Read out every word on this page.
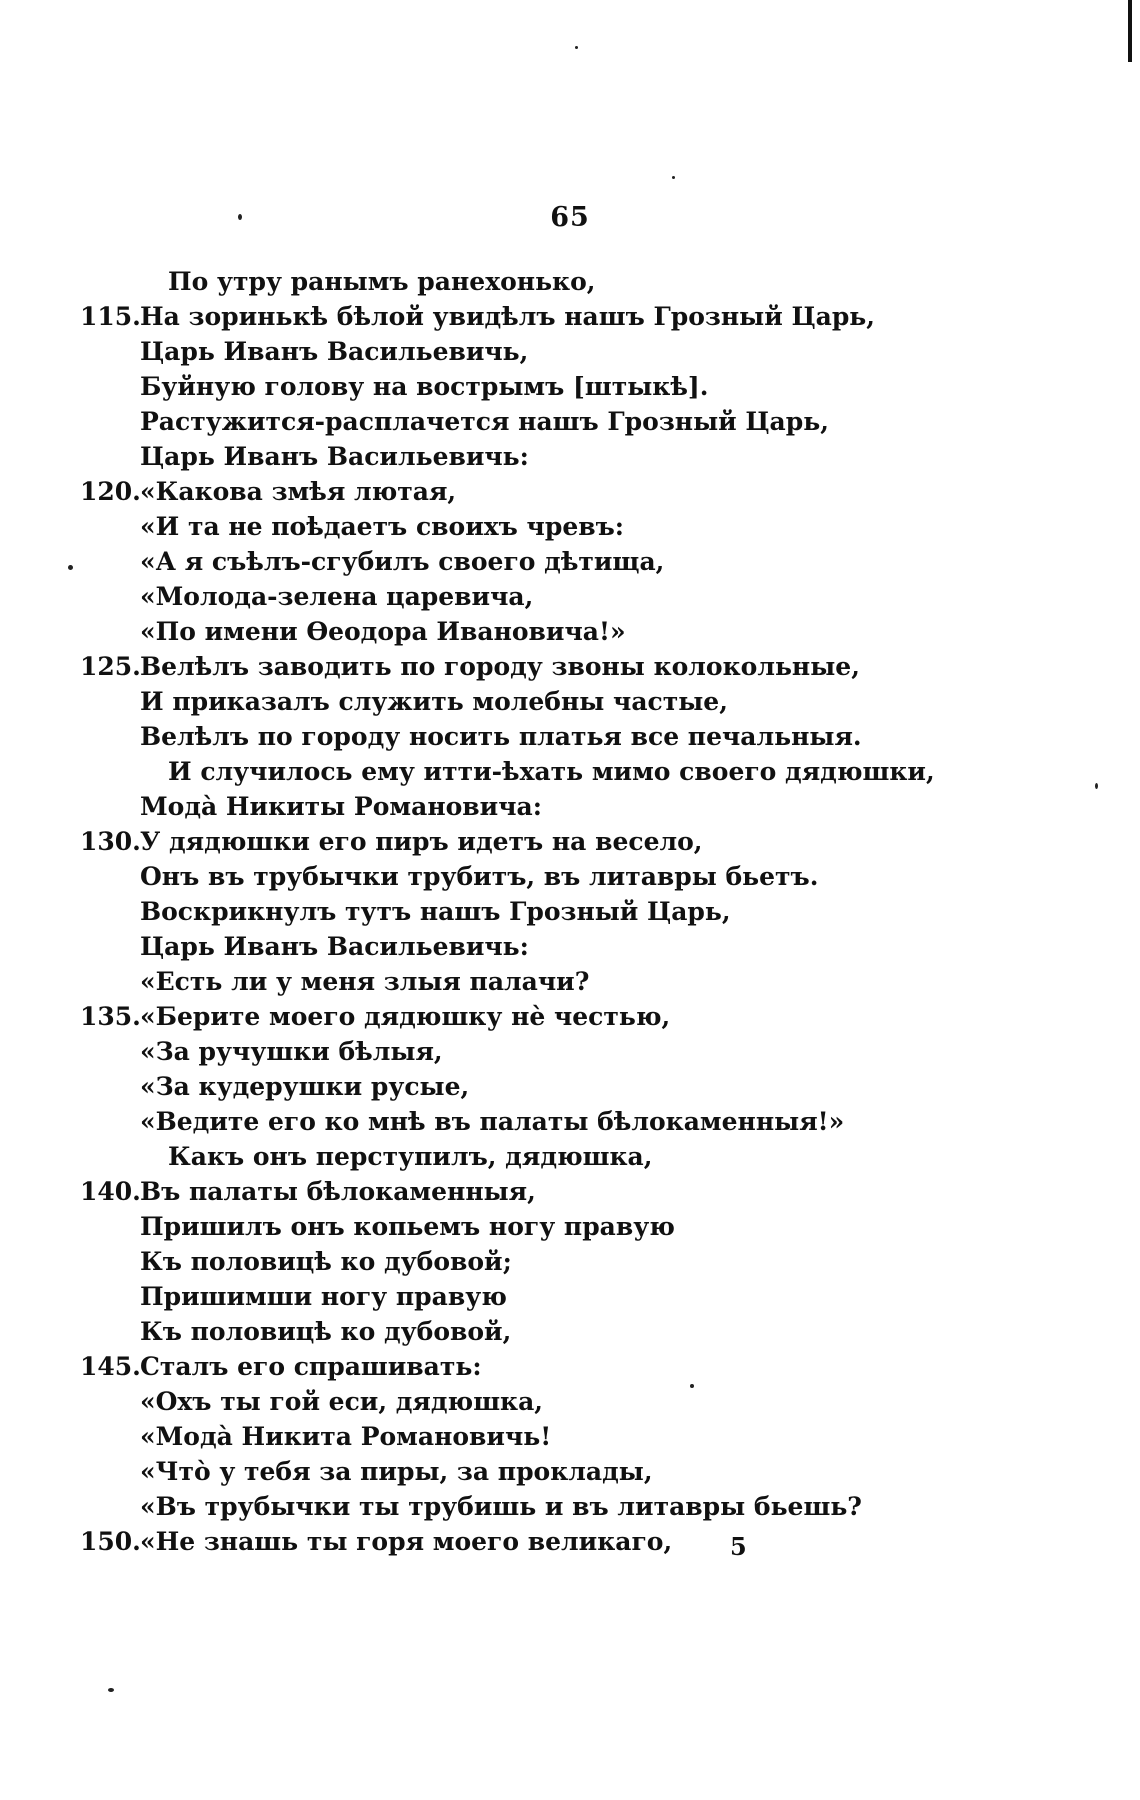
65
По утру ранымъ ранехонько,
115. На зоринькѣ бѣлой увидѣлъ нашъ Грозный Царь,
Царь Иванъ Васильевичь,
Буйную голову на вострымъ [штыкѣ].
Растужится-расплачется нашъ Грозный Царь,
Царь Иванъ Васильевичь:
120. «Какова змѣя лютая,
«И та не поѣдаетъ своихъ чревъ:
«А я съѣлъ-сгубилъ своего дѣтища,
«Молода-зелена царевича,
«По имени Ѳеодора Ивановича!»
125. Велѣлъ заводить по городу звоны колокольные,
И приказалъ служить молебны частые,
Велѣлъ по городу носить платья все печальныя.
И случилось ему итти-ѣхать мимо своего дядюшки,
Модà Никиты Романовича:
130. У дядюшки его пиръ идетъ на весело,
Онъ въ трубычки трубитъ, въ литавры бьетъ.
Воскрикнулъ тутъ нашъ Грозный Царь,
Царь Иванъ Васильевичь:
«Есть ли у меня злыя палачи?
135. «Берите моего дядюшку нѐ честью,
«За ручушки бѣлыя,
«За кудерушки русые,
«Ведите его ко мнѣ въ палаты бѣлокаменныя!»
Какъ онъ перступилъ, дядюшка,
140. Въ палаты бѣлокаменныя,
Пришилъ онъ копьемъ ногу правую
Къ половицѣ ко дубовой;
Пришимши ногу правую
Къ половицѣ ко дубовой,
145. Сталъ его спрашивать:
«Охъ ты гой еси, дядюшка,
«Модà Никита Романовичь!
«Чтò у тебя за пиры, за проклады,
«Въ трубычки ты трубишь и въ литавры бьешь?
150. «Не знашь ты горя моего великаго, 5
